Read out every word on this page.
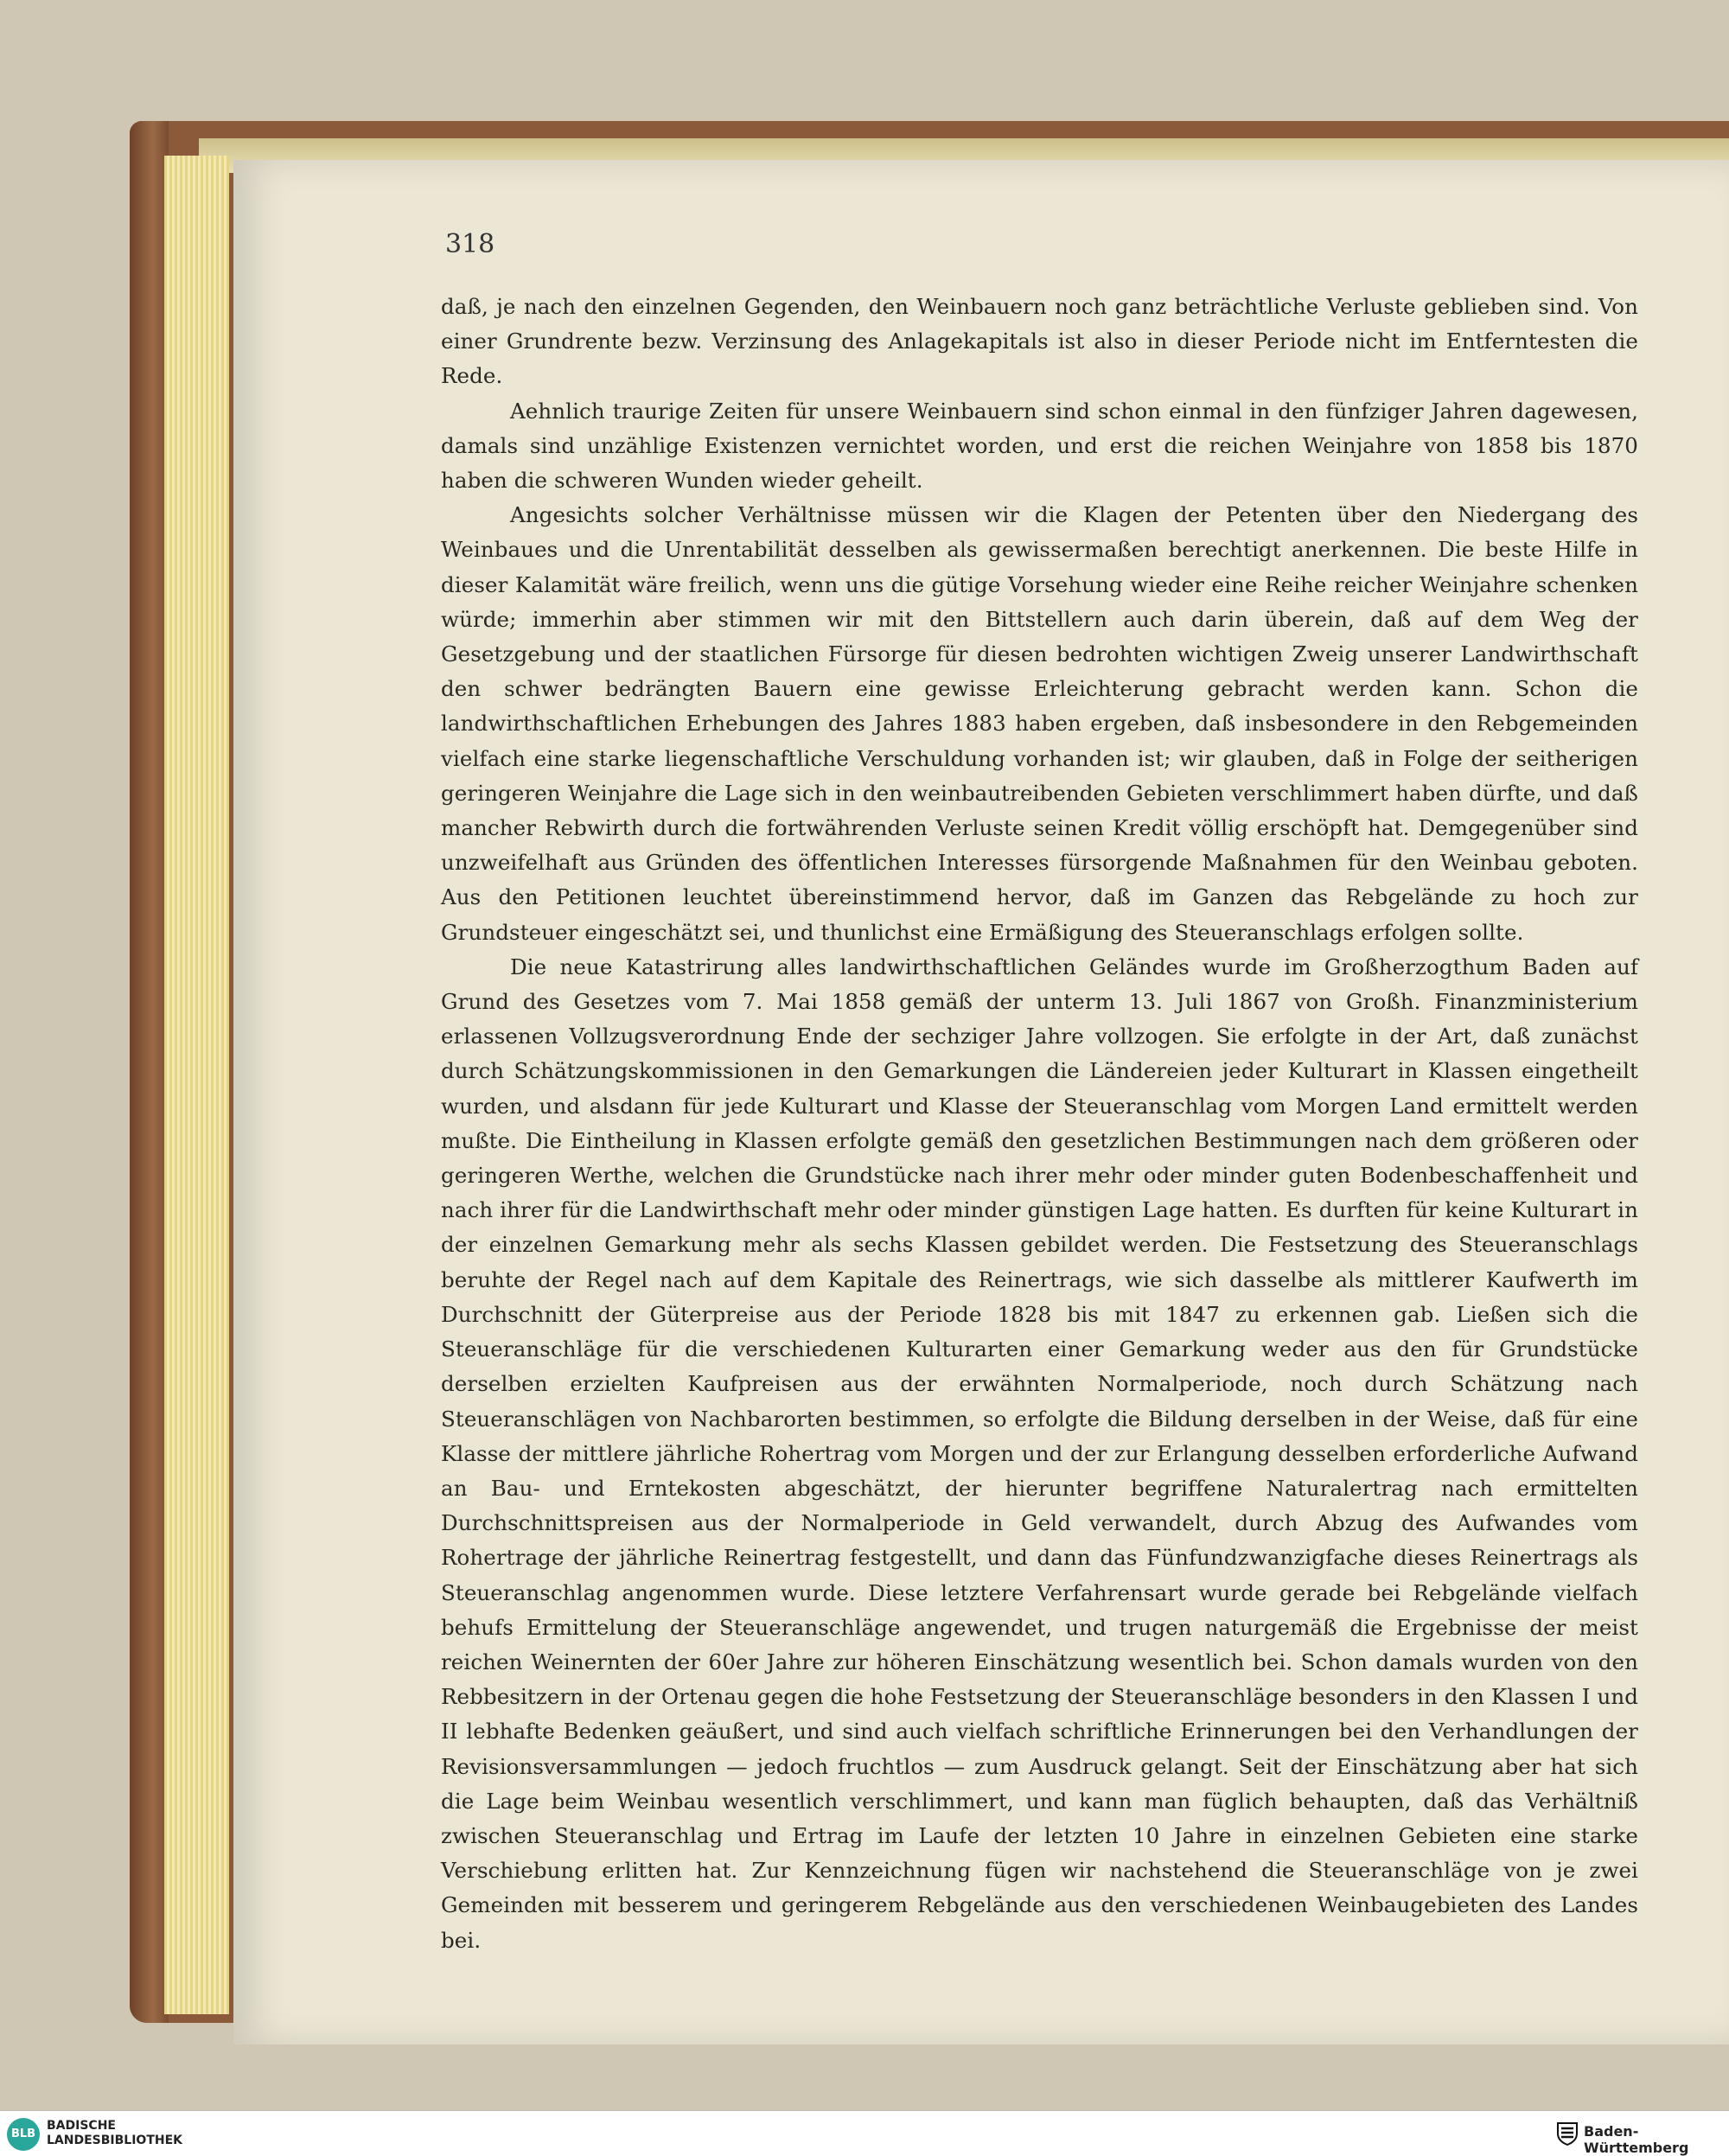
318

daß, je nach den einzelnen Gegenden, den Weinbauern noch ganz beträchtliche Verluste geblieben sind. Von einer Grundrente bezw. Verzinsung des Anlagekapitals ist also in dieser Periode nicht im Entferntesten die Rede.

Aehnlich traurige Zeiten für unsere Weinbauern sind schon einmal in den fünfziger Jahren dagewesen, damals sind unzählige Existenzen vernichtet worden, und erst die reichen Weinjahre von 1858 bis 1870 haben die schweren Wunden wieder geheilt.

Angesichts solcher Verhältnisse müssen wir die Klagen der Petenten über den Niedergang des Weinbaues und die Unrentabilität desselben als gewissermaßen berechtigt anerkennen. Die beste Hilfe in dieser Kalamität wäre freilich, wenn uns die gütige Vorsehung wieder eine Reihe reicher Weinjahre schenken würde; immerhin aber stimmen wir mit den Bittstellern auch darin überein, daß auf dem Weg der Gesetzgebung und der staatlichen Fürsorge für diesen bedrohten wichtigen Zweig unserer Landwirthschaft den schwer bedrängten Bauern eine gewisse Erleichterung gebracht werden kann. Schon die landwirthschaftlichen Erhebungen des Jahres 1883 haben ergeben, daß insbesondere in den Rebgemeinden vielfach eine starke liegenschaftliche Verschuldung vorhanden ist; wir glauben, daß in Folge der seitherigen geringeren Weinjahre die Lage sich in den weinbautreibenden Gebieten verschlimmert haben dürfte, und daß mancher Rebwirth durch die fortwährenden Verluste seinen Kredit völlig erschöpft hat. Demgegenüber sind unzweifelhaft aus Gründen des öffentlichen Interesses fürsorgende Maßnahmen für den Weinbau geboten. Aus den Petitionen leuchtet übereinstimmend hervor, daß im Ganzen das Rebgelände zu hoch zur Grundsteuer eingeschätzt sei, und thunlichst eine Ermäßigung des Steueranschlags erfolgen sollte.

Die neue Katastrirung alles landwirthschaftlichen Geländes wurde im Großherzogthum Baden auf Grund des Gesetzes vom 7. Mai 1858 gemäß der unterm 13. Juli 1867 von Großh. Finanzministerium erlassenen Vollzugsverordnung Ende der sechziger Jahre vollzogen. Sie erfolgte in der Art, daß zunächst durch Schätzungskommissionen in den Gemarkungen die Ländereien jeder Kulturart in Klassen eingetheilt wurden, und alsdann für jede Kulturart und Klasse der Steueranschlag vom Morgen Land ermittelt werden mußte. Die Eintheilung in Klassen erfolgte gemäß den gesetzlichen Bestimmungen nach dem größeren oder geringeren Werthe, welchen die Grundstücke nach ihrer mehr oder minder guten Bodenbeschaffenheit und nach ihrer für die Landwirthschaft mehr oder minder günstigen Lage hatten. Es durften für keine Kulturart in der einzelnen Gemarkung mehr als sechs Klassen gebildet werden. Die Festsetzung des Steueranschlags beruhte der Regel nach auf dem Kapitale des Reinertrags, wie sich dasselbe als mittlerer Kaufwerth im Durchschnitt der Güterpreise aus der Periode 1828 bis mit 1847 zu erkennen gab. Ließen sich die Steueranschläge für die verschiedenen Kulturarten einer Gemarkung weder aus den für Grundstücke derselben erzielten Kaufpreisen aus der erwähnten Normalperiode, noch durch Schätzung nach Steueranschlägen von Nachbarorten bestimmen, so erfolgte die Bildung derselben in der Weise, daß für eine Klasse der mittlere jährliche Rohertrag vom Morgen und der zur Erlangung desselben erforderliche Aufwand an Bau- und Erntekosten abgeschätzt, der hierunter begriffene Naturalertrag nach ermittelten Durchschnittspreisen aus der Normalperiode in Geld verwandelt, durch Abzug des Aufwandes vom Rohertrage der jährliche Reinertrag festgestellt, und dann das Fünfundzwanzigfache dieses Reinertrags als Steueranschlag angenommen wurde. Diese letztere Verfahrensart wurde gerade bei Rebgelände vielfach behufs Ermittelung der Steueranschläge angewendet, und trugen naturgemäß die Ergebnisse der meist reichen Weinernten der 60er Jahre zur höheren Einschätzung wesentlich bei. Schon damals wurden von den Rebbesitzern in der Ortenau gegen die hohe Festsetzung der Steueranschläge besonders in den Klassen I und II lebhafte Bedenken geäußert, und sind auch vielfach schriftliche Erinnerungen bei den Verhandlungen der Revisionsversammlungen — jedoch fruchtlos — zum Ausdruck gelangt. Seit der Einschätzung aber hat sich die Lage beim Weinbau wesentlich verschlimmert, und kann man füglich behaupten, daß das Verhältniß zwischen Steueranschlag und Ertrag im Laufe der letzten 10 Jahre in einzelnen Gebieten eine starke Verschiebung erlitten hat. Zur Kennzeichnung fügen wir nachstehend die Steueranschläge von je zwei Gemeinden mit besserem und geringerem Rebgelände aus den verschiedenen Weinbaugebieten des Landes bei.

BLB
BADISCHE
LANDESBIBLIOTHEK
Baden-Württemberg
